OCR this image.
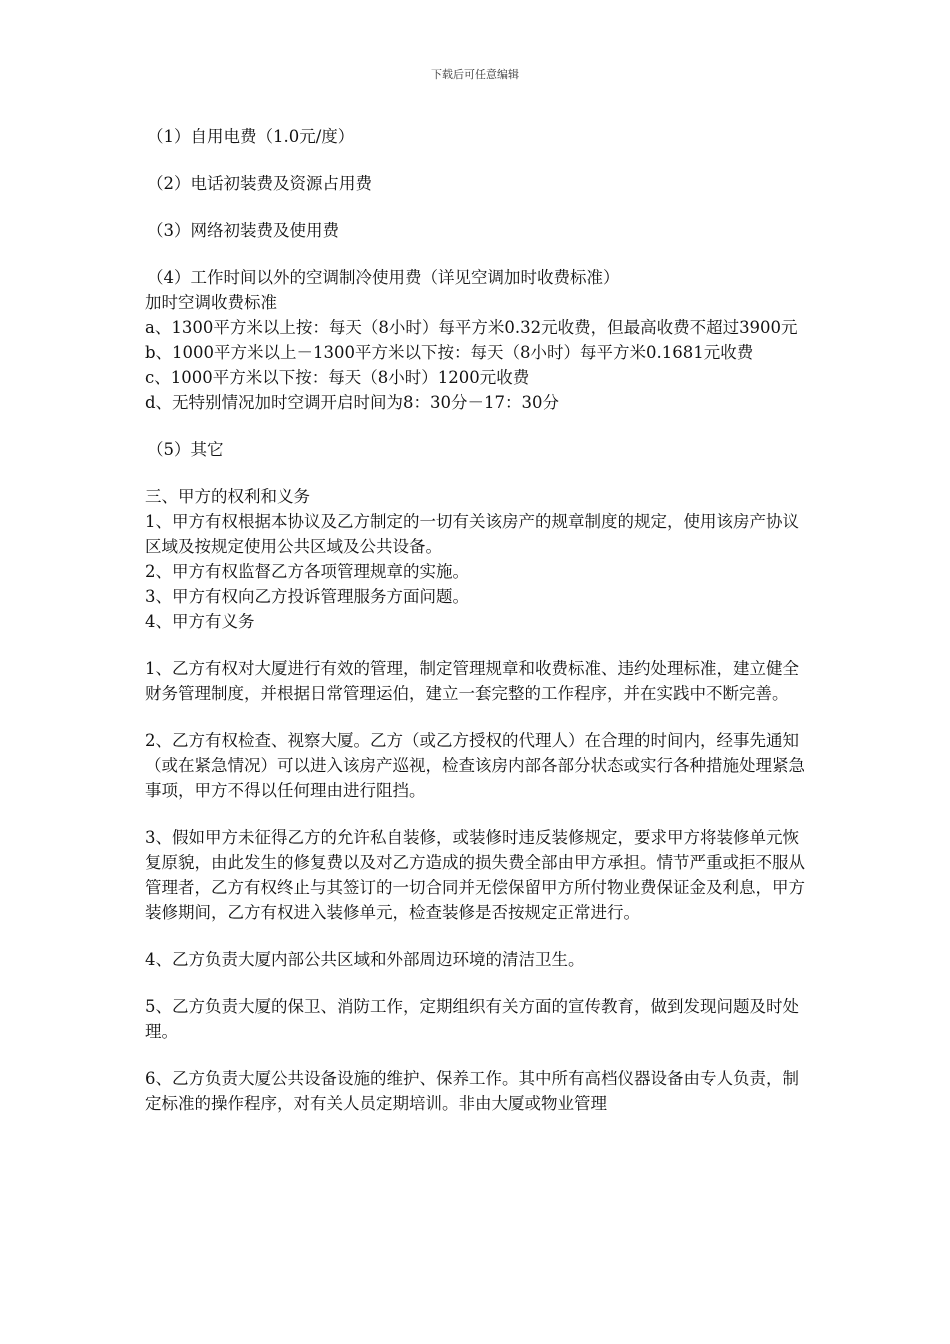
下载后可任意编辑

（1）自用电费（1.0元/度）

（2）电话初装费及资源占用费

（3）网络初装费及使用费

（4）工作时间以外的空调制冷使用费（详见空调加时收费标准）

加时空调收费标准

a、1300平方米以上按：每天（8小时）每平方米0.32元收费，但最高收费不超过3900元

b、1000平方米以上－1300平方米以下按：每天（8小时）每平方米0.1681元收费

c、1000平方米以下按：每天（8小时）1200元收费

d、无特别情况加时空调开启时间为8：30分－17：30分

（5）其它

三、甲方的权利和义务

1、甲方有权根据本协议及乙方制定的一切有关该房产的规章制度的规定，使用该房产协议区域及按规定使用公共区域及公共设备。

2、甲方有权监督乙方各项管理规章的实施。

3、甲方有权向乙方投诉管理服务方面问题。

4、甲方有义务

1、乙方有权对大厦进行有效的管理，制定管理规章和收费标准、违约处理标准，建立健全财务管理制度，并根据日常管理运伯，建立一套完整的工作程序，并在实践中不断完善。

2、乙方有权检查、视察大厦。乙方（或乙方授权的代理人）在合理的时间内，经事先通知（或在紧急情况）可以进入该房产巡视，检查该房内部各部分状态或实行各种措施处理紧急事项，甲方不得以任何理由进行阻挡。

3、假如甲方未征得乙方的允许私自装修，或装修时违反装修规定，要求甲方将装修单元恢复原貌，由此发生的修复费以及对乙方造成的损失费全部由甲方承担。情节严重或拒不服从管理者，乙方有权终止与其签订的一切合同并无偿保留甲方所付物业费保证金及利息，甲方装修期间，乙方有权进入装修单元，检查装修是否按规定正常进行。

4、乙方负责大厦内部公共区域和外部周边环境的清洁卫生。

5、乙方负责大厦的保卫、消防工作，定期组织有关方面的宣传教育，做到发现问题及时处理。

6、乙方负责大厦公共设备设施的维护、保养工作。其中所有高档仪器设备由专人负责，制定标准的操作程序，对有关人员定期培训。非由大厦或物业管理
